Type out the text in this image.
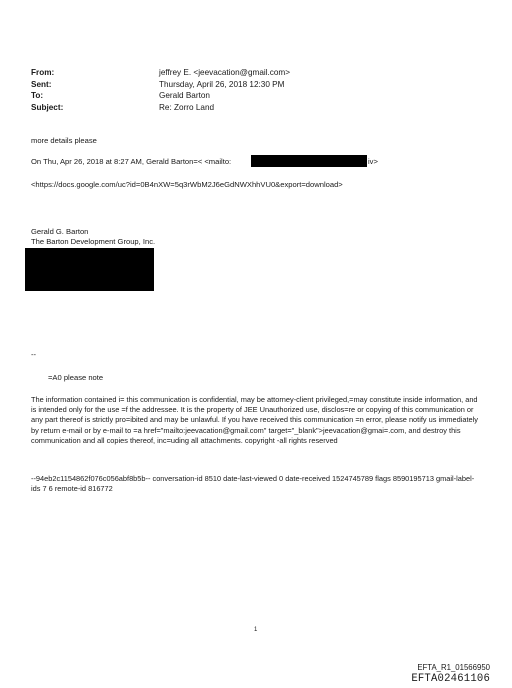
From:	jeffrey E. <jeevacation@gmail.com>
Sent:	Thursday, April 26, 2018 12:30 PM
To:	Gerald Barton
Subject:	Re: Zorro Land
more details please
On Thu, Apr 26, 2018 at 8:27 AM, Gerald Barton=< <mailto:	iv>
<https://docs.google.com/uc?id=0B4nXW=5q3rWbM2J6eGdNWXhhVU0&export=download>
Gerald G. Barton
The Barton Development Group, Inc.
--
=A0 please note
The information contained i= this communication is confidential, may be attorney-client privileged,=may constitute inside information, and is intended only for the use =f the addressee. It is the property of JEE Unauthorized use, disclos=re or copying of this communication or any part thereof is strictly pro=ibited and may be unlawful. If you have received this communication =n error, please notify us immediately by return e-mail or by e-mail to =a href="mailto:jeevacation@gmail.com" target="_blank">jeevacation@gmai=.com, and destroy this communication and all copies thereof, inc=uding all attachments. copyright -all rights reserved
--94eb2c1154862f076c056abf8b5b-- conversation-id 8510 date-last-viewed 0 date-received 1524745789 flags 8590195713 gmail-label-ids 7 6 remote-id 816772
1
EFTA_R1_01566950
EFTA02461106
